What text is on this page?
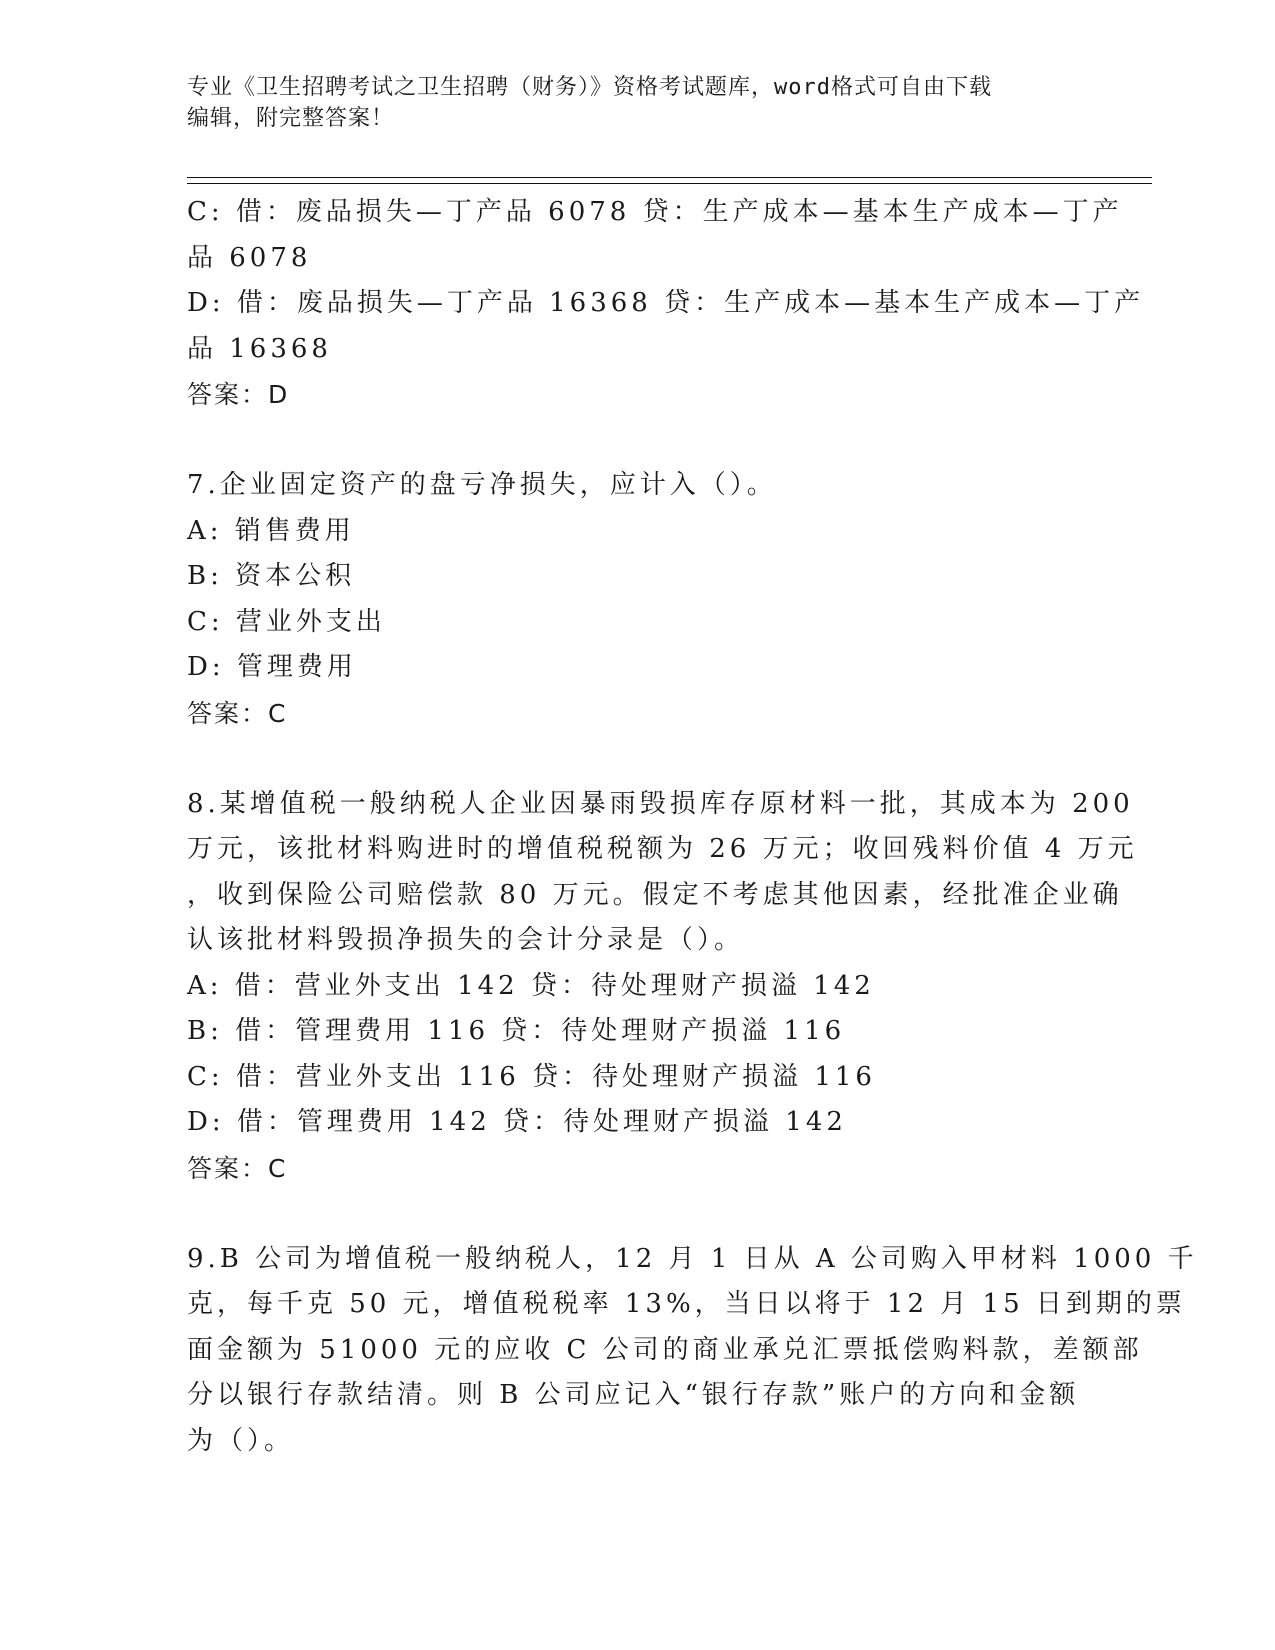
专业《卫生招聘考试之卫生招聘（财务）》资格考试题库，word格式可自由下载
编辑，附完整答案！
C: 借：废品损失—丁产品 6078 贷：生产成本—基本生产成本—丁产
品 6078
D: 借：废品损失—丁产品 16368 贷：生产成本—基本生产成本—丁产
品 16368
答案：D
7.企业固定资产的盘亏净损失，应计入（）。
A: 销售费用
B: 资本公积
C: 营业外支出
D: 管理费用
答案：C
8.某增值税一般纳税人企业因暴雨毁损库存原材料一批，其成本为 200
万元，该批材料购进时的增值税税额为 26 万元；收回残料价值 4 万元
，收到保险公司赔偿款 80 万元。假定不考虑其他因素，经批准企业确
认该批材料毁损净损失的会计分录是（）。
A: 借：营业外支出 142 贷：待处理财产损溢 142
B: 借：管理费用 116 贷：待处理财产损溢 116
C: 借：营业外支出 116 贷：待处理财产损溢 116
D: 借：管理费用 142 贷：待处理财产损溢 142
答案：C
9.B 公司为增值税一般纳税人，12 月 1 日从 A 公司购入甲材料 1000 千
克，每千克 50 元，增值税税率 13%，当日以将于 12 月 15 日到期的票
面金额为 51000 元的应收 C 公司的商业承兑汇票抵偿购料款，差额部
分以银行存款结清。则 B 公司应记入“银行存款”账户的方向和金额
为（）。
